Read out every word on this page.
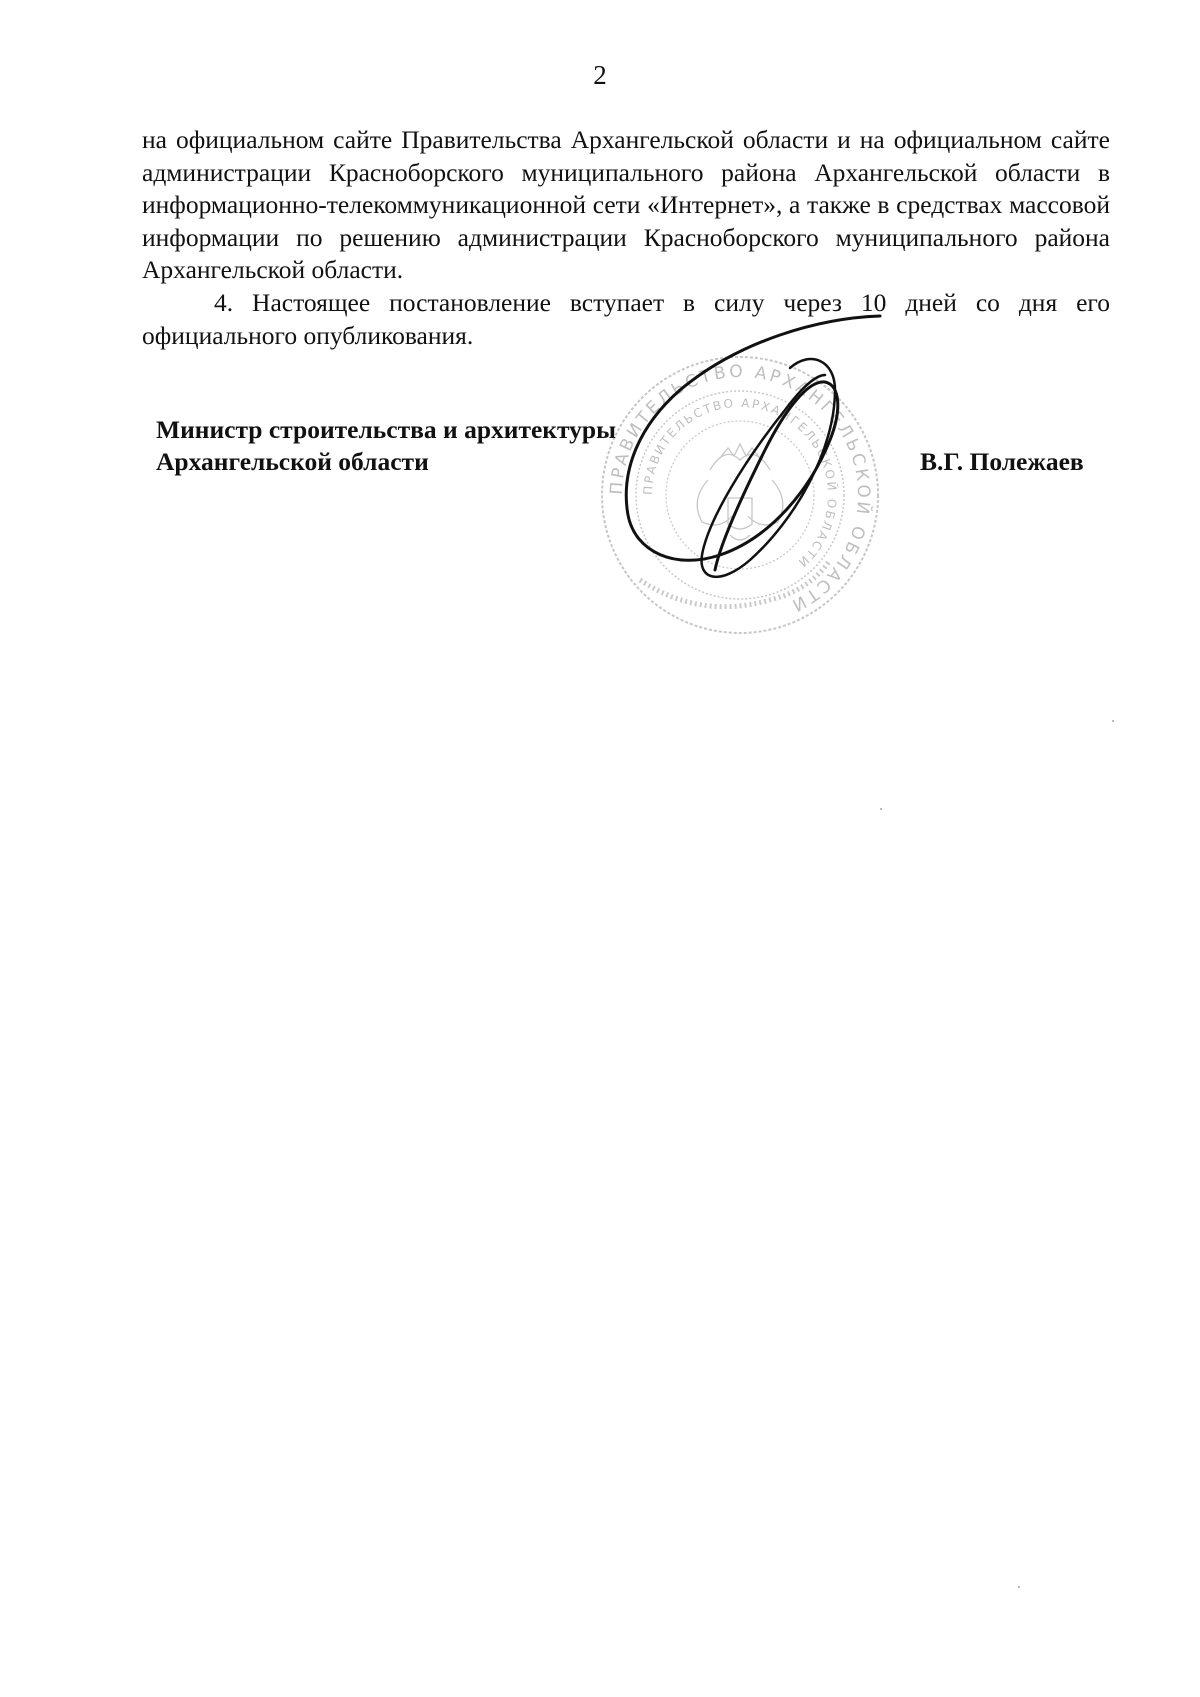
2

на официальном сайте Правительства Архангельской области и на официальном сайте администрации Красноборского муниципального района Архангельской области в информационно-телекоммуникационной сети «Интернет», а также в средствах массовой информации по решению администрации Красноборского муниципального района Архангельской области.

4. Настоящее постановление вступает в силу через 10 дней со дня его официального опубликования.

ПРАВИТЕЛЬСТВО АРХАНГЕЛЬСКОЙ ОБЛАСТИ
ПРАВИТЕЛЬСТВО АРХАНГЕЛЬСКОЙ ОБЛАСТИ
Министр строительства и архитектуры
Архангельской области	В.Г. Полежаев
